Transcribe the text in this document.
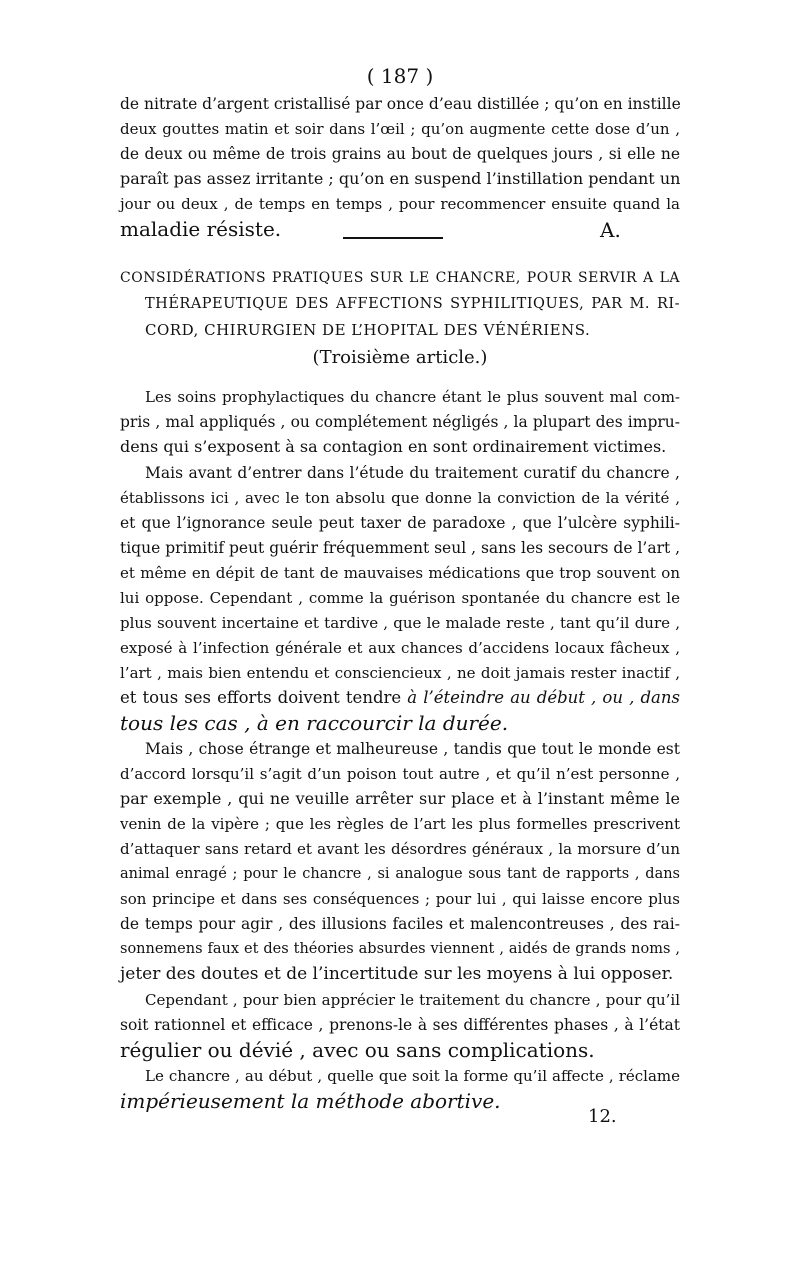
( 187 )
de nitrate d’argent cristallisé par once d’eau distillée ; qu’on en instille
deux gouttes matin et soir dans l’œil ; qu’on augmente cette dose d’un ,
de deux ou même de trois grains au bout de quelques jours , si elle ne
paraît pas assez irritante ; qu’on en suspend l’instillation pendant un
jour ou deux , de temps en temps , pour recommencer ensuite quand la
maladie résiste.	A.
CONSIDÉRATIONS PRATIQUES SUR LE CHANCRE, POUR SERVIR A LA
THÉRAPEUTIQUE DES AFFECTIONS SYPHILITIQUES, PAR M. RI-
CORD, CHIRURGIEN DE L’HOPITAL DES VÉNÉRIENS.
(Troisième article.)
Les soins prophylactiques du chancre étant le plus souvent mal com-
pris , mal appliqués , ou complétement négligés , la plupart des impru-
dens qui s’exposent à sa contagion en sont ordinairement victimes.
Mais avant d’entrer dans l’étude du traitement curatif du chancre ,
établissons ici , avec le ton absolu que donne la conviction de la vérité ,
et que l’ignorance seule peut taxer de paradoxe , que l’ulcère syphili-
tique primitif peut guérir fréquemment seul , sans les secours de l’art ,
et même en dépit de tant de mauvaises médications que trop souvent on
lui oppose. Cependant , comme la guérison spontanée du chancre est le
plus souvent incertaine et tardive , que le malade reste , tant qu’il dure ,
exposé à l’infection générale et aux chances d’accidens locaux fâcheux ,
l’art , mais bien entendu et consciencieux , ne doit jamais rester inactif ,
et tous ses efforts doivent tendre à l’éteindre au début , ou , dans
tous les cas , à en raccourcir la durée.
Mais , chose étrange et malheureuse , tandis que tout le monde est
d’accord lorsqu’il s’agit d’un poison tout autre , et qu’il n’est personne ,
par exemple , qui ne veuille arrêter sur place et à l’instant même le
venin de la vipère ; que les règles de l’art les plus formelles prescrivent
d’attaquer sans retard et avant les désordres généraux , la morsure d’un
animal enragé ; pour le chancre , si analogue sous tant de rapports , dans
son principe et dans ses conséquences ; pour lui , qui laisse encore plus
de temps pour agir , des illusions faciles et malencontreuses , des rai-
sonnemens faux et des théories absurdes viennent , aidés de grands noms ,
jeter des doutes et de l’incertitude sur les moyens à lui opposer.
Cependant , pour bien apprécier le traitement du chancre , pour qu’il
soit rationnel et efficace , prenons-le à ses différentes phases , à l’état
régulier ou dévié , avec ou sans complications.
Le chancre , au début , quelle que soit la forme qu’il affecte , réclame
impérieusement la méthode abortive.
12.
